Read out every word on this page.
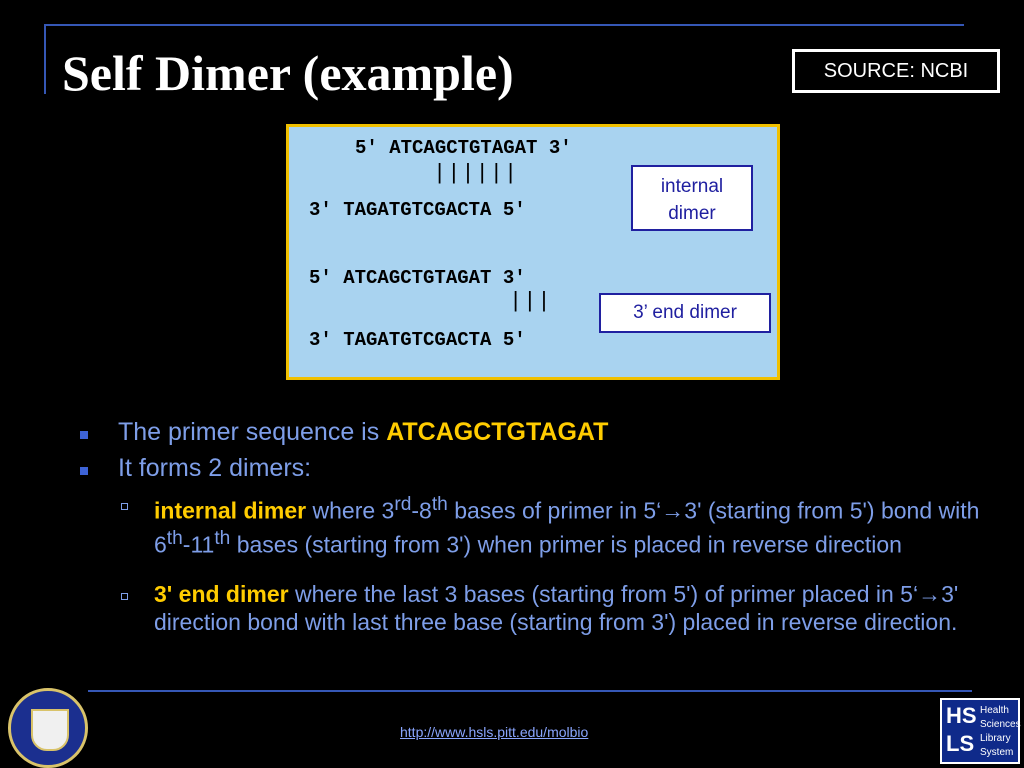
Self Dimer (example)	SOURCE: NCBI
5' ATCAGCTGTAGAT 3'
||||||
3' TAGATGTCGACTA 5'
internal
dimer
5' ATCAGCTGTAGAT 3'
|||
3' TAGATGTCGACTA 5'
3’ end dimer
The primer sequence is ATCAGCTGTAGAT
It forms 2 dimers:
internal dimer where 3rd-8th bases of primer in 5‘→3' (starting from 5') bond with 6th-11th bases (starting from 3') when primer is placed in reverse direction
3' end dimer where the last 3 bases (starting from 5') of primer placed in 5‘→3' direction bond with last three base (starting from 3') placed in reverse direction.
http://www.hsls.pitt.edu/molbio
HS LS
Health Sciences Library System
